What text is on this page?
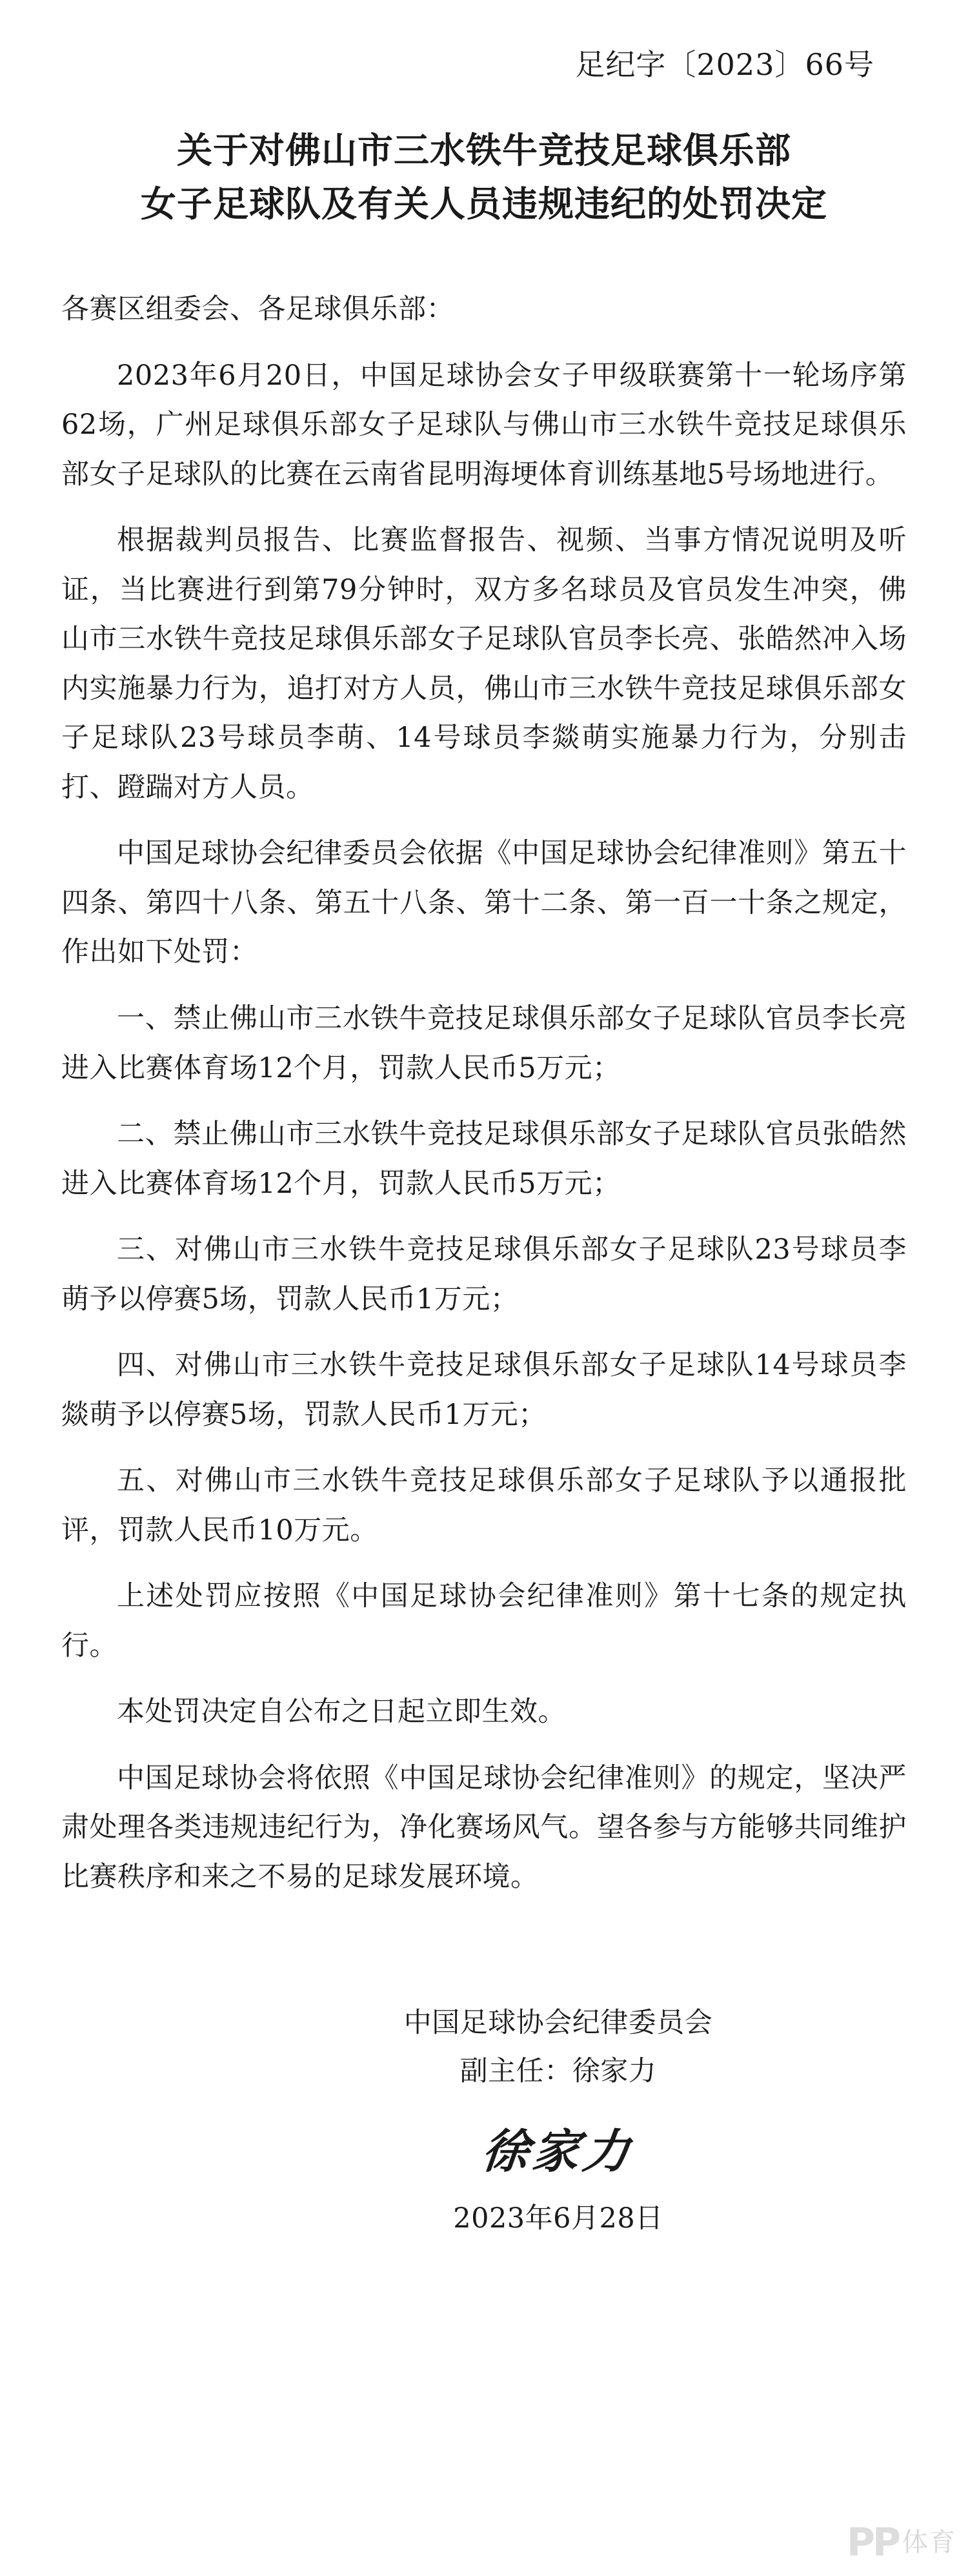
足纪字〔2023〕66号
关于对佛山市三水铁牛竞技足球俱乐部
女子足球队及有关人员违规违纪的处罚决定
各赛区组委会、各足球俱乐部：
2023年6月20日，中国足球协会女子甲级联赛第十一轮场序第62场，广州足球俱乐部女子足球队与佛山市三水铁牛竞技足球俱乐部女子足球队的比赛在云南省昆明海埂体育训练基地5号场地进行。
根据裁判员报告、比赛监督报告、视频、当事方情况说明及听证，当比赛进行到第79分钟时，双方多名球员及官员发生冲突，佛山市三水铁牛竞技足球俱乐部女子足球队官员李长亮、张皓然冲入场内实施暴力行为，追打对方人员，佛山市三水铁牛竞技足球俱乐部女子足球队23号球员李萌、14号球员李燚萌实施暴力行为，分别击打、蹬踹对方人员。
中国足球协会纪律委员会依据《中国足球协会纪律准则》第五十四条、第四十八条、第五十八条、第十二条、第一百一十条之规定，作出如下处罚：
一、禁止佛山市三水铁牛竞技足球俱乐部女子足球队官员李长亮进入比赛体育场12个月，罚款人民币5万元；
二、禁止佛山市三水铁牛竞技足球俱乐部女子足球队官员张皓然进入比赛体育场12个月，罚款人民币5万元；
三、对佛山市三水铁牛竞技足球俱乐部女子足球队23号球员李萌予以停赛5场，罚款人民币1万元；
四、对佛山市三水铁牛竞技足球俱乐部女子足球队14号球员李燚萌予以停赛5场，罚款人民币1万元；
五、对佛山市三水铁牛竞技足球俱乐部女子足球队予以通报批评，罚款人民币10万元。
上述处罚应按照《中国足球协会纪律准则》第十七条的规定执行。
本处罚决定自公布之日起立即生效。
中国足球协会将依照《中国足球协会纪律准则》的规定，坚决严肃处理各类违规违纪行为，净化赛场风气。望各参与方能够共同维护比赛秩序和来之不易的足球发展环境。
中国足球协会纪律委员会
副主任：徐家力
徐家力
2023年6月28日
PP 体育
